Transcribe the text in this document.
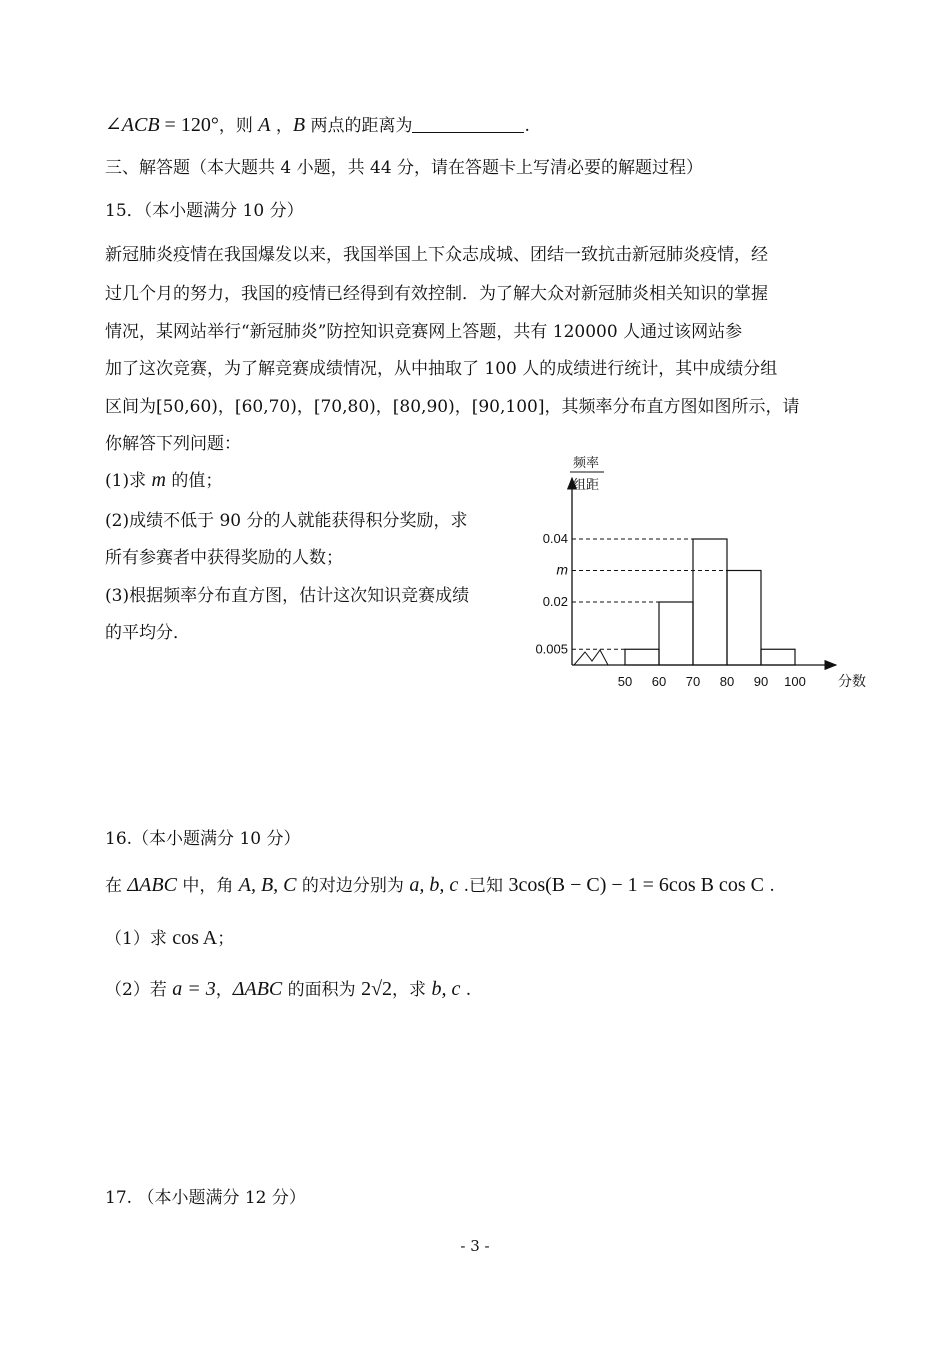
∠ACB = 120°，则 A ，B 两点的距离为	.
三、解答题（本大题共 4 小题，共 44 分，请在答题卡上写清必要的解题过程）
15．（本小题满分 10 分）
新冠肺炎疫情在我国爆发以来，我国举国上下众志成城、团结一致抗击新冠肺炎疫情，经
过几个月的努力，我国的疫情已经得到有效控制．为了解大众对新冠肺炎相关知识的掌握
情况，某网站举行“新冠肺炎”防控知识竞赛网上答题，共有 120000 人通过该网站参
加了这次竞赛，为了解竞赛成绩情况，从中抽取了 100 人的成绩进行统计，其中成绩分组
区间为[50,60)，[60,70)，[70,80)，[80,90)，[90,100]，其频率分布直方图如图所示，请
你解答下列问题：
(1)求 m 的值；
(2)成绩不低于 90 分的人就能获得积分奖励，求
所有参赛者中获得奖励的人数；
(3)根据频率分布直方图，估计这次知识竞赛成绩
的平均分．
频率
组距
分数
0.04
m
0.02
0.005
50 60 70 80 90 100
16.（本小题满分 10 分）
在 ΔABC 中，角 A, B, C 的对边分别为 a, b, c .已知 3cos(B − C) − 1 = 6cos B cos C .
（1）求 cos A；
（2）若 a = 3，ΔABC 的面积为 2√2，求 b, c .
17. （本小题满分 12 分）
- 3 -
